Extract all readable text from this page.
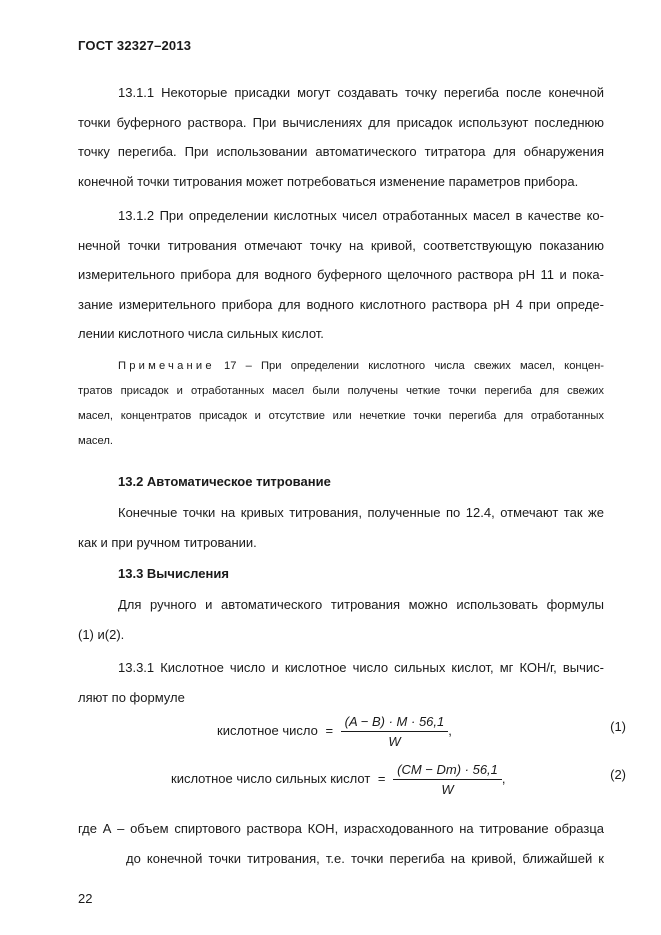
ГОСТ 32327–2013
13.1.1 Некоторые присадки могут создавать точку перегиба после конечной
точки буферного раствора. При вычислениях для присадок используют последнюю
точку перегиба. При использовании автоматического титратора для обнаружения
конечной точки титрования может потребоваться изменение параметров прибора.
13.1.2 При определении кислотных чисел отработанных масел в качестве ко-
нечной точки титрования отмечают точку на кривой, соответствующую показанию
измерительного прибора для водного буферного щелочного раствора pH 11 и пока-
зание измерительного прибора для водного кислотного раствора pH 4 при опреде-
лении кислотного числа сильных кислот.
Примечание 17 – При определении кислотного числа свежих масел, концен-
тратов присадок и отработанных масел были получены четкие точки перегиба для свежих
масел, концентратов присадок и отсутствие или нечеткие точки перегиба для отработанных
масел.
13.2 Автоматическое титрование
Конечные точки на кривых титрования, полученные по 12.4, отмечают так же
как и при ручном титровании.
13.3 Вычисления
Для ручного и автоматического титрования можно использовать формулы
(1) и(2).
13.3.1 Кислотное число и кислотное число сильных кислот, мг КОН/г, вычис-
ляют по формуле
кислотное число = $\frac{(A - B) \cdot M \cdot 56,1}{W}$ ,	(1)
кислотное число сильных кислот = $\frac{(CM - Dm) \cdot 56,1}{W}$ ,	(2)
где А – объем спиртового раствора КОН, израсходованного на титрование образца
до конечной точки титрования, т.е. точки перегиба на кривой, ближайшей к
22
